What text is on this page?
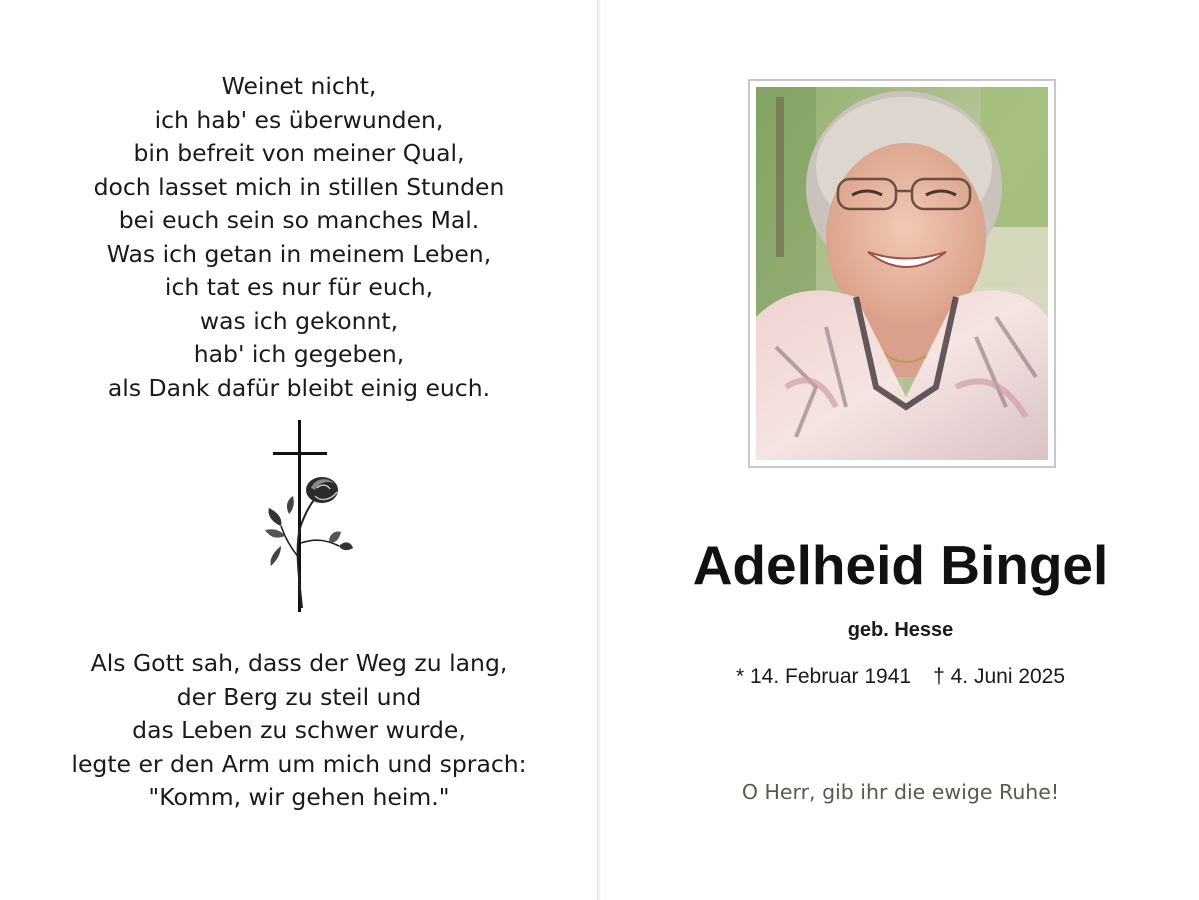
Weinet nicht,
ich hab' es überwunden,
bin befreit von meiner Qual,
doch lasset mich in stillen Stunden
bei euch sein so manches Mal.
Was ich getan in meinem Leben,
ich tat es nur für euch,
was ich gekonnt,
hab' ich gegeben,
als Dank dafür bleibt einig euch.
Als Gott sah, dass der Weg zu lang,
der Berg zu steil und
das Leben zu schwer wurde,
legte er den Arm um mich und sprach:
"Komm, wir gehen heim."
Adelheid Bingel
geb. Hesse
* 14. Februar 1941 † 4. Juni 2025
O Herr, gib ihr die ewige Ruhe!
